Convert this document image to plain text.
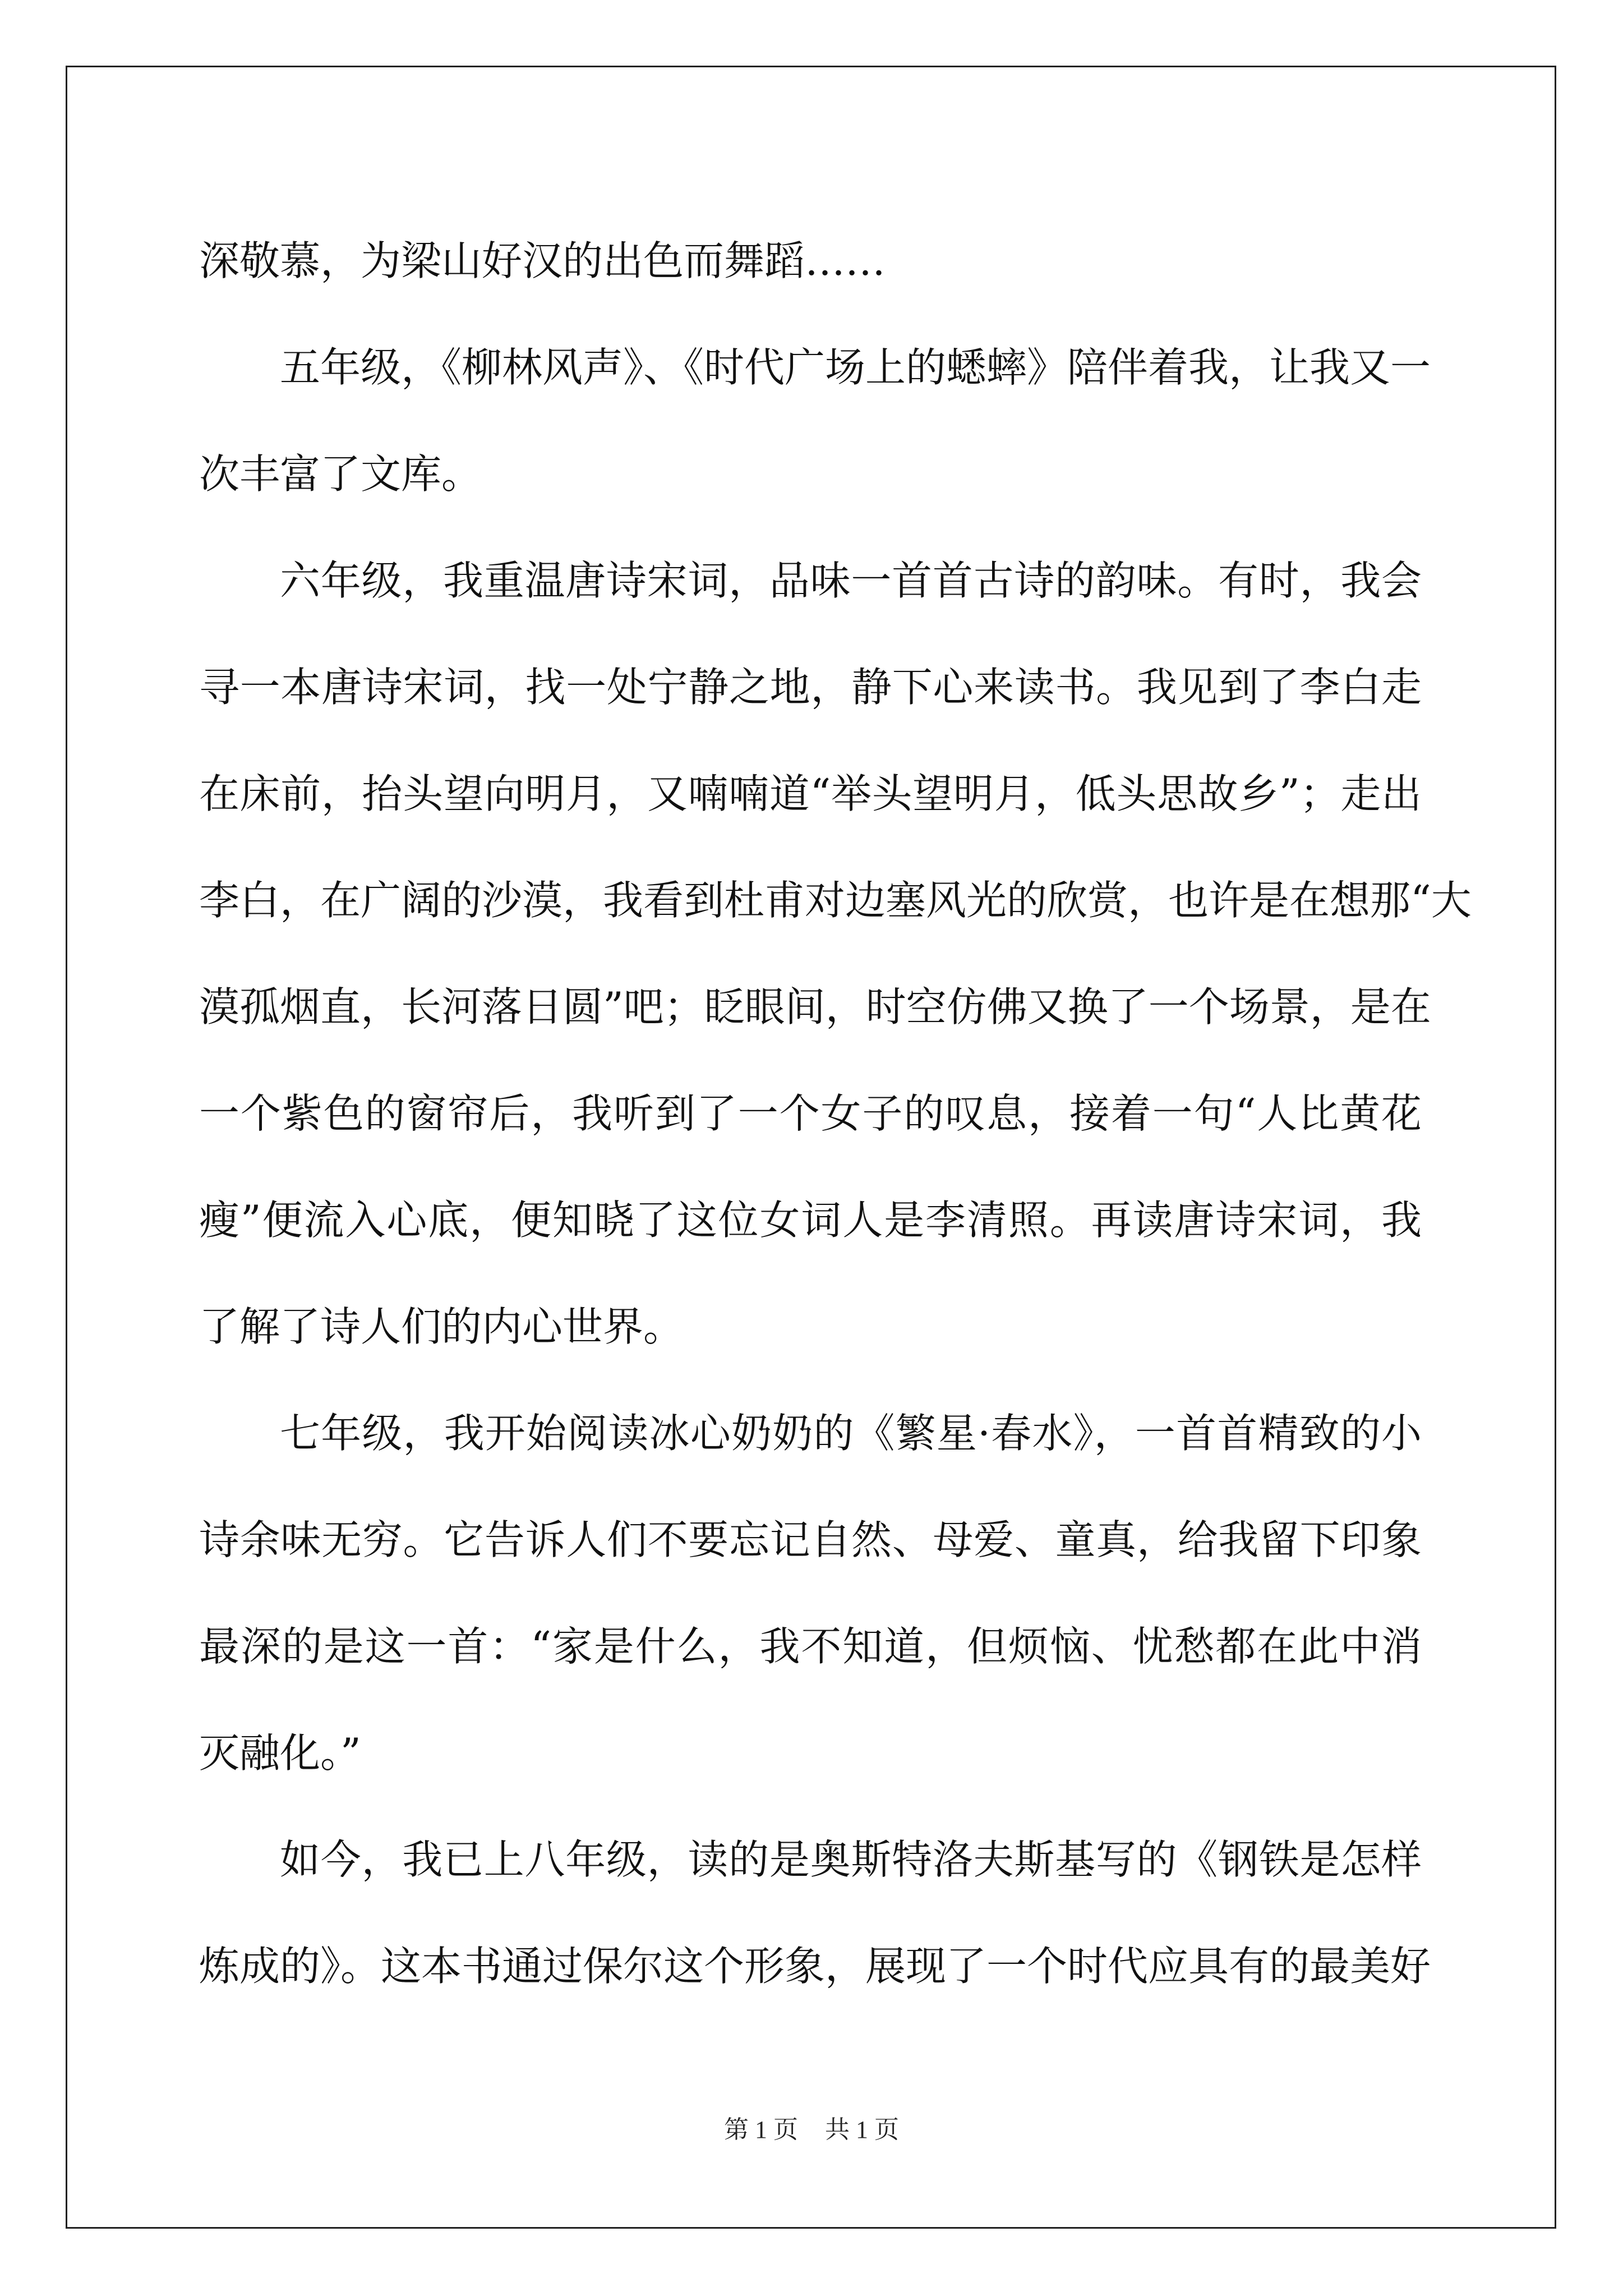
深敬慕，为梁山好汉的出色而舞蹈……
五年级，《柳林风声》、《时代广场上的蟋蟀》陪伴着我，让我又一
次丰富了文库。
六年级，我重温唐诗宋词，品味一首首古诗的韵味。有时，我会
寻一本唐诗宋词，找一处宁静之地，静下心来读书。我见到了李白走
在床前，抬头望向明月，又喃喃道“举头望明月，低头思故乡”；走出
李白，在广阔的沙漠，我看到杜甫对边塞风光的欣赏，也许是在想那“大
漠孤烟直，长河落日圆”吧；眨眼间，时空仿佛又换了一个场景，是在
一个紫色的窗帘后，我听到了一个女子的叹息，接着一句“人比黄花
瘦”便流入心底，便知晓了这位女词人是李清照。再读唐诗宋词，我
了解了诗人们的内心世界。
七年级，我开始阅读冰心奶奶的《繁星·春水》，一首首精致的小
诗余味无穷。它告诉人们不要忘记自然、母爱、童真，给我留下印象
最深的是这一首：“家是什么，我不知道，但烦恼、忧愁都在此中消
灭融化。”
如今，我已上八年级，读的是奥斯特洛夫斯基写的《钢铁是怎样
炼成的》。这本书通过保尔这个形象，展现了一个时代应具有的最美好
第 1 页 共 1 页
